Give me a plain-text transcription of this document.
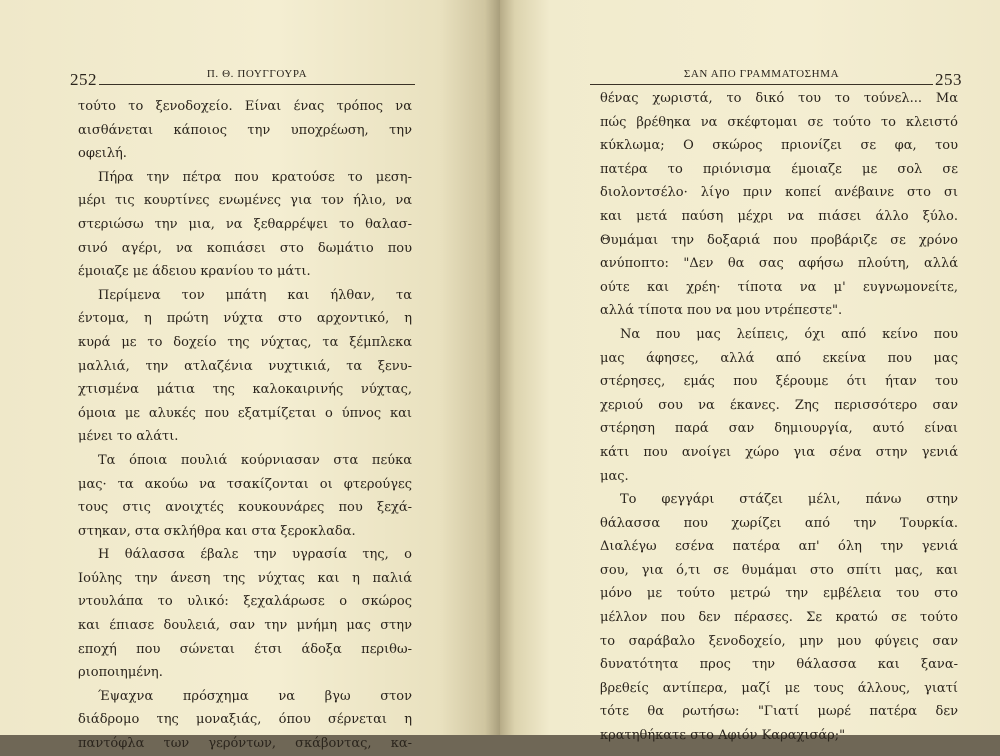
252	Π. Θ. ΠΟΥΓΓΟΥΡΑ
τούτο το ξενοδοχείο. Είναι ένας τρόπος να
αισθάνεται κάποιος την υποχρέωση, την
οφειλή.
Πήρα την πέτρα που κρατούσε το μεση-
μέρι τις κουρτίνες ενωμένες για τον ήλιο, να
στεριώσω την μια, να ξεθαρρέψει το θαλασ-
σινό αγέρι, να κοπιάσει στο δωμάτιο που
έμοιαζε με άδειου κρανίου το μάτι.
Περίμενα τον μπάτη και ήλθαν, τα
έντομα, η πρώτη νύχτα στο αρχοντικό, η
κυρά με το δοχείο της νύχτας, τα ξέμπλεκα
μαλλιά, την ατλαζένια νυχτικιά, τα ξενυ-
χτισμένα μάτια της καλοκαιρινής νύχτας,
όμοια με αλυκές που εξατμίζεται ο ύπνος και
μένει το αλάτι.
Τα όποια πουλιά κούρνιασαν στα πεύκα
μας· τα ακούω να τσακίζονται οι φτερούγες
τους στις ανοιχτές κουκουνάρες που ξεχά-
στηκαν, στα σκλήθρα και στα ξεροκλαδα.
Η θάλασσα έβαλε την υγρασία της, ο
Ιούλης την άνεση της νύχτας και η παλιά
ντουλάπα το υλικό: ξεχαλάρωσε ο σκώρος
και έπιασε δουλειά, σαν την μνήμη μας στην
εποχή που σώνεται έτσι άδοξα περιθω-
ριοποιημένη.
Έψαχνα πρόσχημα να βγω στον
διάδρομο της μοναξιάς, όπου σέρνεται η
παντόφλα των γερόντων, σκάβοντας, κα-
ΣΑΝ ΑΠΟ ΓΡΑΜΜΑΤΟΣΗΜΑ	253
θένας χωριστά, το δικό του το τούνελ... Μα
πώς βρέθηκα να σκέφτομαι σε τούτο το κλειστό
κύκλωμα; Ο σκώρος πριονίζει σε φα, του
πατέρα το πριόνισμα έμοιαζε με σολ σε
διολοντσέλο· λίγο πριν κοπεί ανέβαινε στο σι
και μετά παύση μέχρι να πιάσει άλλο ξύλο.
Θυμάμαι την δοξαριά που προβάριζε σε χρόνο
ανύποπτο: "Δεν θα σας αφήσω πλούτη, αλλά
ούτε και χρέη· τίποτα να μ' ευγνωμονείτε,
αλλά τίποτα που να μου ντρέπεστε".
Να που μας λείπεις, όχι από κείνο που
μας άφησες, αλλά από εκείνα που μας
στέρησες, εμάς που ξέρουμε ότι ήταν του
χεριού σου να έκανες. Ζης περισσότερο σαν
στέρηση παρά σαν δημιουργία, αυτό είναι
κάτι που ανοίγει χώρο για σένα στην γενιά
μας.
Το φεγγάρι στάζει μέλι, πάνω στην
θάλασσα που χωρίζει από την Τουρκία.
Διαλέγω εσένα πατέρα απ' όλη την γενιά
σου, για ό,τι σε θυμάμαι στο σπίτι μας, και
μόνο με τούτο μετρώ την εμβέλεια του στο
μέλλον που δεν πέρασες. Σε κρατώ σε τούτο
το σαράβαλο ξενοδοχείο, μην μου φύγεις σαν
δυνατότητα προς την θάλασσα και ξανα-
βρεθείς αντίπερα, μαζί με τους άλλους, γιατί
τότε θα ρωτήσω: "Γιατί μωρέ πατέρα δεν
κρατηθήκατε στο Αφιόν Καραχισάρ;"
